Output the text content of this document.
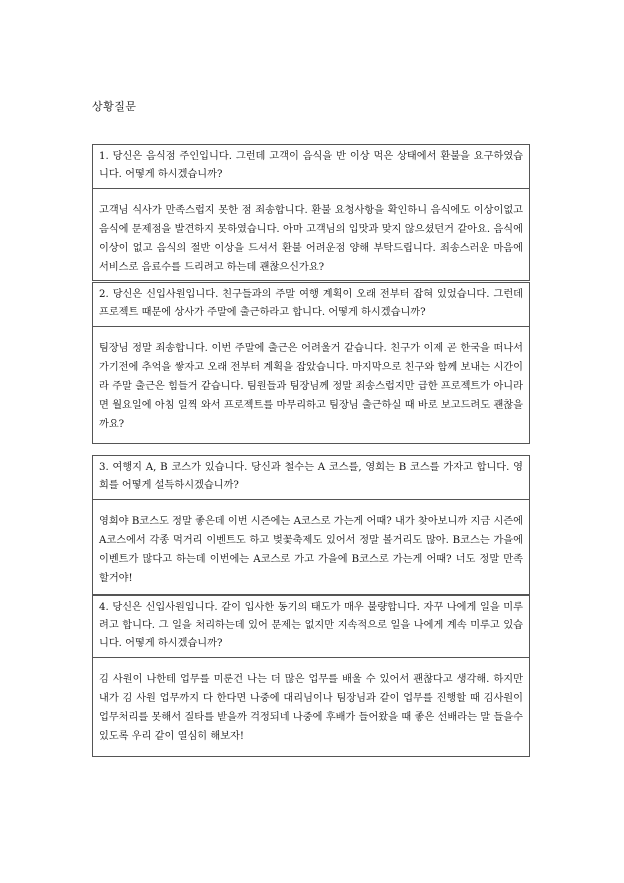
상황질문
1. 당신은 음식점 주인입니다. 그런데 고객이 음식을 반 이상 먹은 상태에서 환불을 요구하였습니다. 어떻게 하시겠습니까?
고객님 식사가 만족스럽지 못한 점 죄송합니다. 환불 요청사항을 확인하니 음식에도 이상이없고 음식에 문제점을 발견하지 못하였습니다. 아마 고객님의 입맛과 맞지 않으셨던거 같아요. 음식에 이상이 없고 음식의 절반 이상을 드셔서 환불 어려운점 양해 부탁드립니다. 죄송스러운 마음에 서비스로 음료수를 드리려고 하는데 괜찮으신가요?
2. 당신은 신입사원입니다. 친구들과의 주말 여행 계획이 오래 전부터 잡혀 있었습니다. 그런데 프로젝트 때문에 상사가 주말에 출근하라고 합니다. 어떻게 하시겠습니까?
팀장님 정말 죄송합니다. 이번 주말에 출근은 어려울거 같습니다. 친구가 이제 곧 한국을 떠나서 가기전에 추억을 쌓자고 오래 전부터 계획을 잡았습니다. 마지막으로 친구와 함께 보내는 시간이라 주말 출근은 힘들거 같습니다. 팀원들과 팀장님께 정말 죄송스럽지만 급한 프로젝트가 아니라면 월요일에 아침 일찍 와서 프로젝트를 마무리하고 팀장님 출근하실 때 바로 보고드려도 괜찮을까요?
3. 여행지 A, B 코스가 있습니다. 당신과 철수는 A 코스를, 영희는 B 코스를 가자고 합니다. 영희를 어떻게 설득하시겠습니까?
영희야 B코스도 정말 좋은데 이번 시즌에는 A코스로 가는게 어때? 내가 찾아보니까 지금 시즌에 A코스에서 각종 먹거리 이벤트도 하고 벚꽃축제도 있어서 정말 볼거리도 많아. B코스는 가을에 이벤트가 많다고 하는데 이번에는 A코스로 가고 가을에 B코스로 가는게 어때? 너도 정말 만족 할거야!
4. 당신은 신입사원입니다. 같이 입사한 동기의 태도가 매우 불량합니다. 자꾸 나에게 일을 미루려고 합니다. 그 일을 처리하는데 있어 문제는 없지만 지속적으로 일을 나에게 계속 미루고 있습니다. 어떻게 하시겠습니까?
김 사원이 나한테 업무를 미룬건 나는 더 많은 업무를 배울 수 있어서 괜찮다고 생각해. 하지만 내가 김 사원 업무까지 다 한다면 나중에 대리님이나 팀장님과 같이 업무를 진행할 때 김사원이 업무처리를 못해서 질타를 받을까 걱정되네 나중에 후배가 들어왔을 때 좋은 선배라는 말 들을수 있도록 우리 같이 열심히 해보자!
